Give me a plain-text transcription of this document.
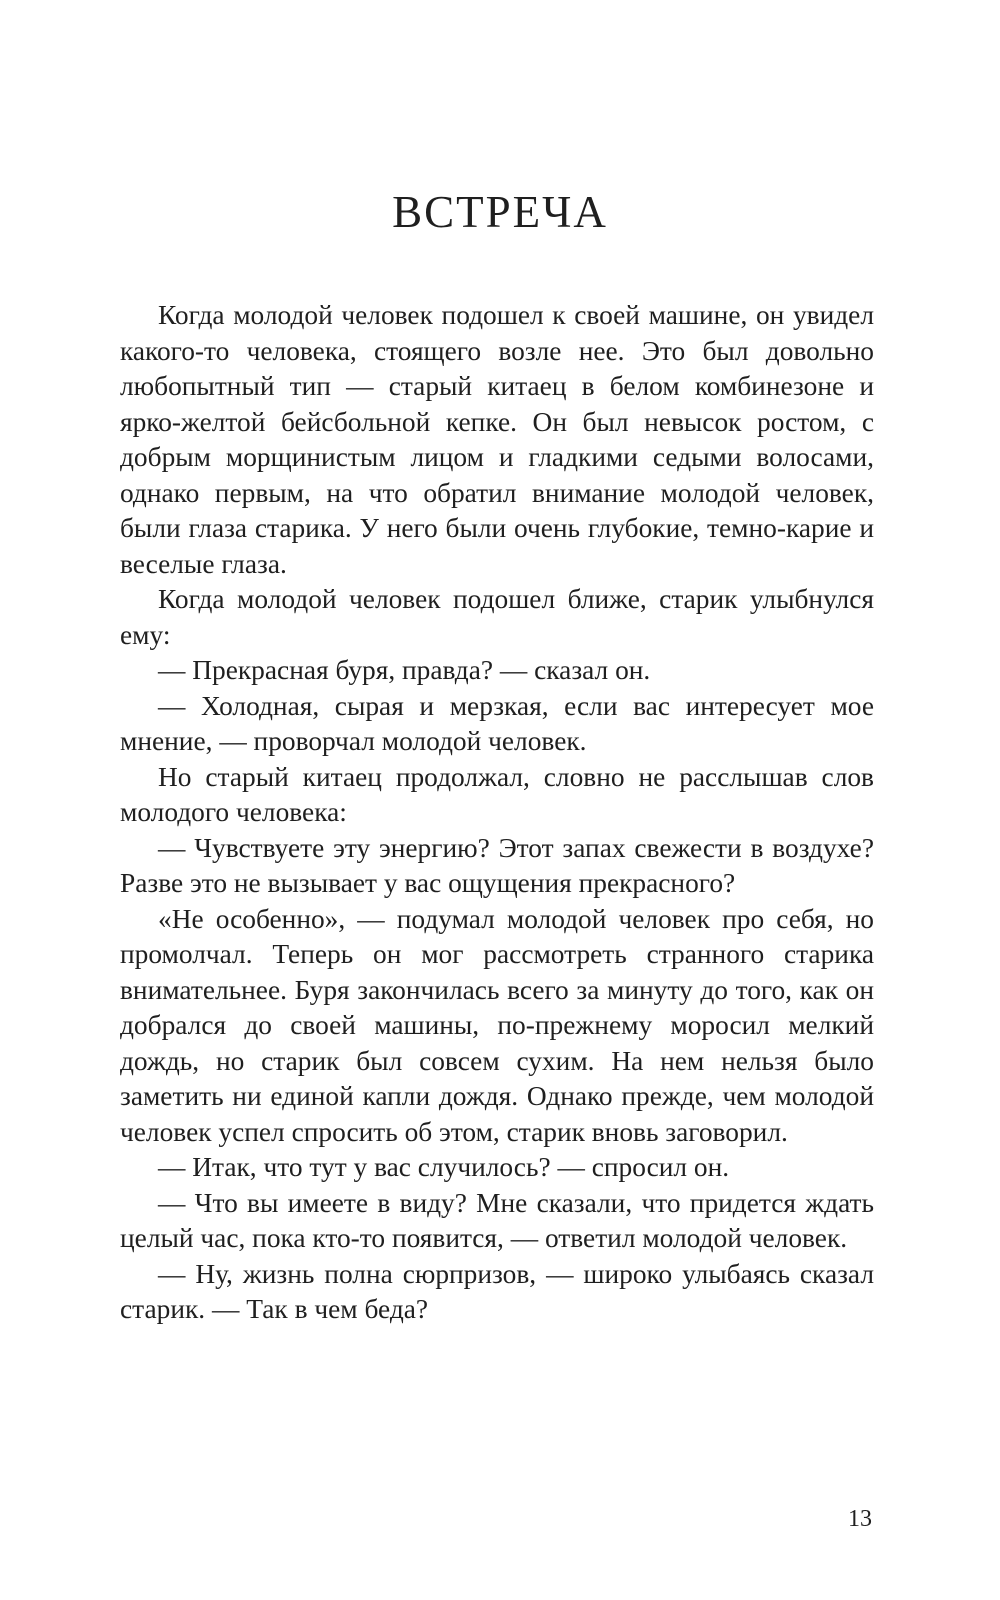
ВСТРЕЧА

Когда молодой человек подошел к своей машине, он увидел какого-то человека, стоящего возле нее. Это был довольно любопытный тип — старый китаец в белом комбинезоне и ярко-желтой бейсбольной кепке. Он был невысок ростом, с добрым морщинистым лицом и гладкими седыми волосами, однако первым, на что обратил внимание молодой человек, были глаза старика. У него были очень глубокие, темно-карие и веселые глаза.

Когда молодой человек подошел ближе, старик улыбнулся ему:

— Прекрасная буря, правда? — сказал он.

— Холодная, сырая и мерзкая, если вас интересует мое мнение, — проворчал молодой человек.

Но старый китаец продолжал, словно не расслышав слов молодого человека:

— Чувствуете эту энергию? Этот запах свежести в воздухе? Разве это не вызывает у вас ощущения прекрасного?

«Не особенно», — подумал молодой человек про себя, но промолчал. Теперь он мог рассмотреть странного старика внимательнее. Буря закончилась всего за минуту до того, как он добрался до своей машины, по-прежнему моросил мелкий дождь, но старик был совсем сухим. На нем нельзя было заметить ни единой капли дождя. Однако прежде, чем молодой человек успел спросить об этом, старик вновь заговорил.

— Итак, что тут у вас случилось? — спросил он.

— Что вы имеете в виду? Мне сказали, что придется ждать целый час, пока кто-то появится, — ответил молодой человек.

— Ну, жизнь полна сюрпризов, — широко улыбаясь сказал старик. — Так в чем беда?

13
